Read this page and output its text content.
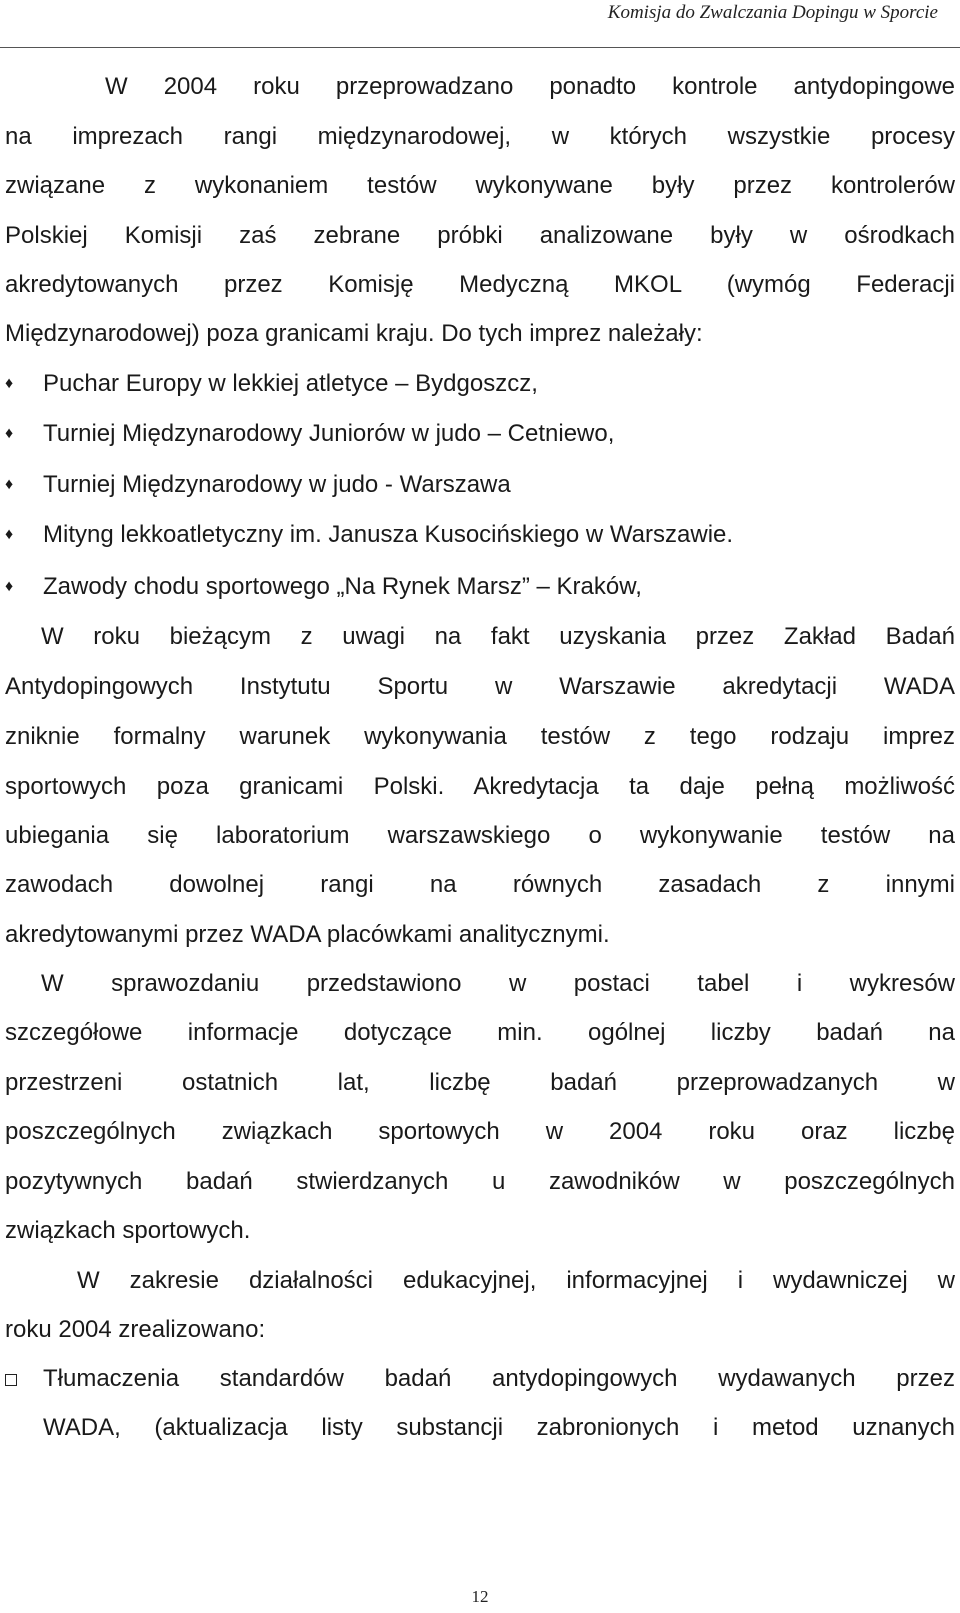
Komisja do Zwalczania Dopingu w Sporcie
W 2004 roku przeprowadzano ponadto kontrole antydopingowe
na imprezach rangi międzynarodowej, w których wszystkie procesy
związane z wykonaniem testów wykonywane były przez kontrolerów
Polskiej Komisji zaś zebrane próbki analizowane były w ośrodkach
akredytowanych przez Komisję Medyczną MKOL (wymóg Federacji
Międzynarodowej) poza granicami kraju. Do tych imprez należały:
♦	Puchar Europy w lekkiej atletyce – Bydgoszcz,
♦	Turniej Międzynarodowy Juniorów w judo – Cetniewo,
♦	Turniej Międzynarodowy w judo - Warszawa
♦	Mityng lekkoatletyczny im. Janusza Kusocińskiego w Warszawie.
♦	Zawody chodu sportowego „Na Rynek Marsz” – Kraków,
W roku bieżącym z uwagi na fakt uzyskania przez Zakład Badań
Antydopingowych Instytutu Sportu w Warszawie akredytacji WADA
zniknie formalny warunek wykonywania testów z tego rodzaju imprez
sportowych poza granicami Polski. Akredytacja ta daje pełną możliwość
ubiegania się laboratorium warszawskiego o wykonywanie testów na
zawodach dowolnej rangi na równych zasadach z innymi
akredytowanymi przez WADA placówkami analitycznymi.
W sprawozdaniu przedstawiono w postaci tabel i wykresów
szczegółowe informacje dotyczące min. ogólnej liczby badań na
przestrzeni ostatnich lat, liczbę badań przeprowadzanych w
poszczególnych związkach sportowych w 2004 roku oraz liczbę
pozytywnych badań stwierdzanych u zawodników w poszczególnych
związkach sportowych.
W zakresie działalności edukacyjnej, informacyjnej i wydawniczej w
roku 2004 zrealizowano:
Tłumaczenia standardów badań antydopingowych wydawanych przez
WADA, (aktualizacja listy substancji zabronionych i metod uznanych
12
